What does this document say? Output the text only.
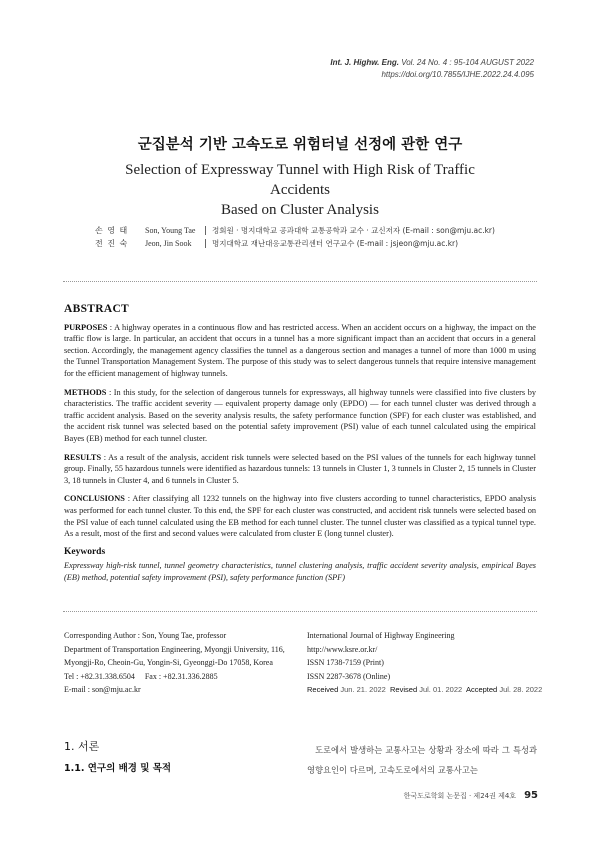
Int. J. Highw. Eng. Vol. 24 No. 4 : 95-104 AUGUST 2022
https://doi.org/10.7855/IJHE.2022.24.4.095
군집분석 기반 고속도로 위험터널 선정에 관한 연구
Selection of Expressway Tunnel with High Risk of Traffic Accidents
Based on Cluster Analysis
손 영 태	Son, Young Tae	정회원 · 명지대학교 공과대학 교통공학과 교수 · 교신저자 (E-mail : son@mju.ac.kr)
전 진 숙	Jeon, Jin Sook	명지대학교 재난대응교통관리센터 연구교수 (E-mail : jsjeon@mju.ac.kr)
ABSTRACT

PURPOSES : A highway operates in a continuous flow and has restricted access. When an accident occurs on a highway, the impact on the traffic flow is large. In particular, an accident that occurs in a tunnel has a more significant impact than an accident that occurs in a general section. Accordingly, the management agency classifies the tunnel as a dangerous section and manages a tunnel of more than 1000 m using the Tunnel Transportation Management System. The purpose of this study was to select dangerous tunnels that require intensive management for the efficient management of highway tunnels.

METHODS : In this study, for the selection of dangerous tunnels for expressways, all highway tunnels were classified into five clusters by characteristics. The traffic accident severity — equivalent property damage only (EPDO) — for each tunnel cluster was derived through a traffic accident analysis. Based on the severity analysis results, the safety performance function (SPF) for each cluster was established, and the accident risk tunnel was selected based on the potential safety improvement (PSI) value of each tunnel calculated using the empirical Bayes (EB) method for each tunnel cluster.

RESULTS : As a result of the analysis, accident risk tunnels were selected based on the PSI values of the tunnels for each highway tunnel group. Finally, 55 hazardous tunnels were identified as hazardous tunnels: 13 tunnels in Cluster 1, 3 tunnels in Cluster 2, 15 tunnels in Cluster 3, 18 tunnels in Cluster 4, and 6 tunnels in Cluster 5.

CONCLUSIONS : After classifying all 1232 tunnels on the highway into five clusters according to tunnel characteristics, EPDO analysis was performed for each tunnel cluster. To this end, the SPF for each cluster was constructed, and accident risk tunnels were selected based on the PSI value of each tunnel calculated using the EB method for each tunnel cluster. The tunnel cluster was classified as a typical tunnel type. As a result, most of the first and second values were calculated from cluster E (long tunnel cluster).

Keywords

Expressway high-risk tunnel, tunnel geometry characteristics, tunnel clustering analysis, traffic accident severity analysis, empirical Bayes (EB) method, potential safety improvement (PSI), safety performance function (SPF)

Corresponding Author : Son, Young Tae, professor
Department of Transportation Engineering, Myongji University, 116,
Myongji-Ro, Cheoin-Gu, Yongin-Si, Gyeonggi-Do 17058, Korea
Tel : +82.31.338.6504     Fax : +82.31.336.2885
E-mail : son@mju.ac.kr
International Journal of Highway Engineering
http://www.ksre.or.kr/
ISSN 1738-7159 (Print)
ISSN 2287-3678 (Online)
Received Jun. 21. 2022 Revised Jul. 01. 2022 Accepted Jul. 28. 2022
1. 서론
1.1. 연구의 배경 및 목적
도로에서 발생하는 교통사고는 상황과 장소에 따라 그 특성과 영향요인이 다르며, 고속도로에서의 교통사고는
한국도로학회 논문집 · 제24권 제4호 95
